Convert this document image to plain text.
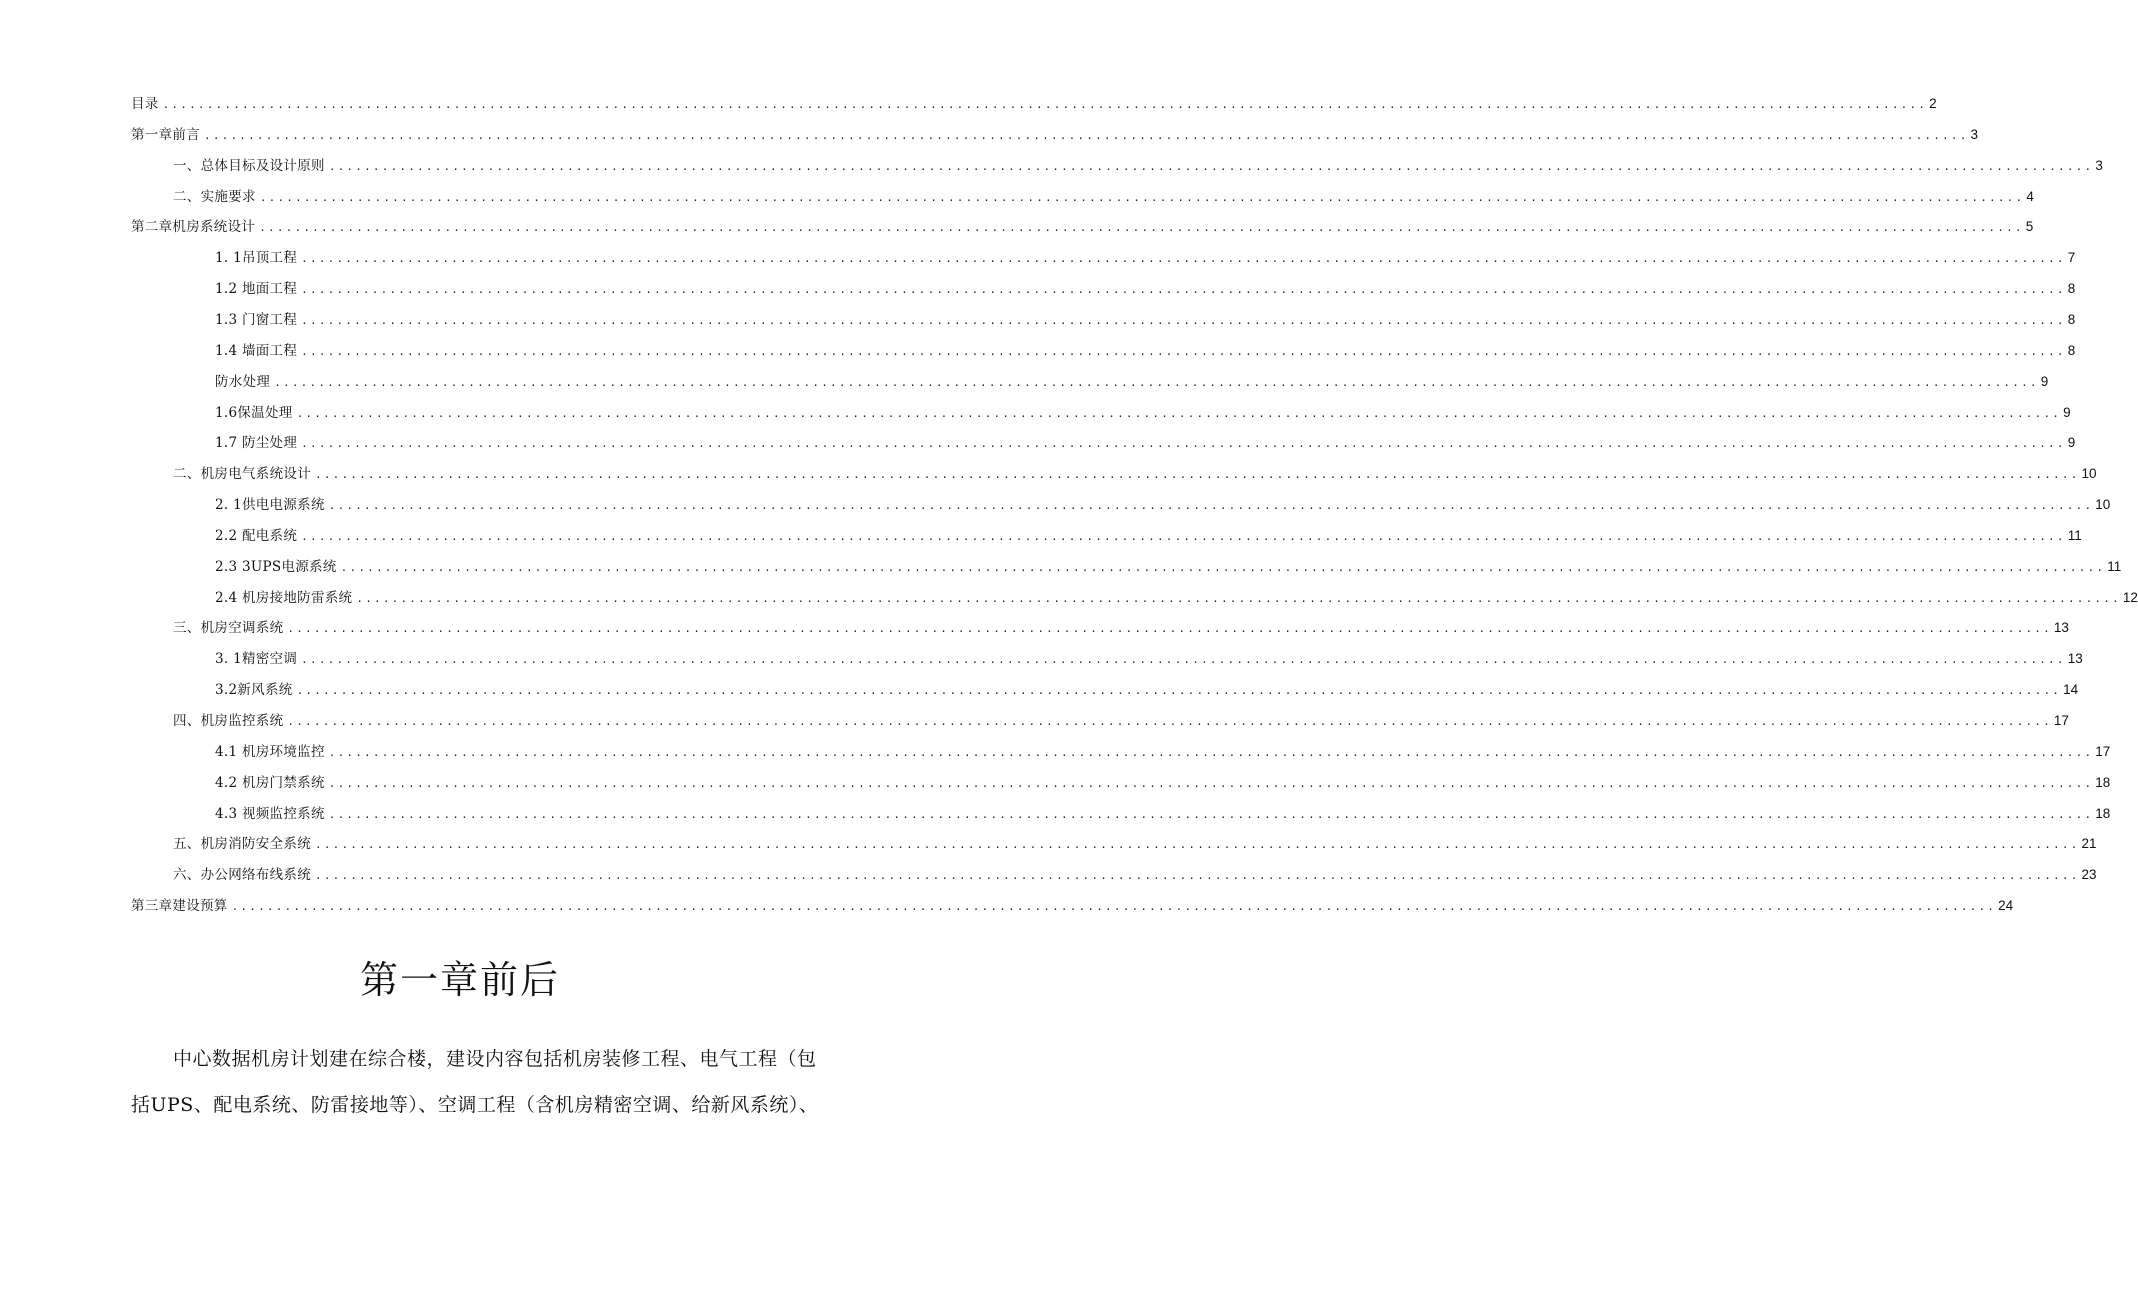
目录 ........................................................................................................................................................................................................ 2
第一章前言 ........................................................................................................................................................................................................ 3
一、总体目标及设计原则 ........................................................................................................................................................................................................ 3
二、实施要求 ........................................................................................................................................................................................................ 4
第二章机房系统设计 ........................................................................................................................................................................................................ 5
1. 1吊顶工程 ........................................................................................................................................................................................................ 7
1.2 地面工程 ........................................................................................................................................................................................................ 8
1.3 门窗工程 ........................................................................................................................................................................................................ 8
1.4 墙面工程 ........................................................................................................................................................................................................ 8
防水处理 ........................................................................................................................................................................................................ 9
1.6保温处理 ........................................................................................................................................................................................................ 9
1.7 防尘处理 ........................................................................................................................................................................................................ 9
二、机房电气系统设计 ........................................................................................................................................................................................................ 10
2. 1供电电源系统 ........................................................................................................................................................................................................ 10
2.2 配电系统 ........................................................................................................................................................................................................ 11
2.3 3UPS电源系统 ........................................................................................................................................................................................................ 11
2.4 机房接地防雷系统 ........................................................................................................................................................................................................ 12
三、机房空调系统 ........................................................................................................................................................................................................ 13
3. 1精密空调 ........................................................................................................................................................................................................ 13
3.2新风系统 ........................................................................................................................................................................................................ 14
四、机房监控系统 ........................................................................................................................................................................................................ 17
4.1 机房环境监控 ........................................................................................................................................................................................................ 17
4.2 机房门禁系统 ........................................................................................................................................................................................................ 18
4.3 视频监控系统 ........................................................................................................................................................................................................ 18
五、机房消防安全系统 ........................................................................................................................................................................................................ 21
六、办公网络布线系统 ........................................................................................................................................................................................................ 23
第三章建设预算 ........................................................................................................................................................................................................ 24
第一章前后
中心数据机房计划建在综合楼，建设内容包括机房装修工程、电气工程（包
括UPS、配电系统、防雷接地等）、空调工程（含机房精密空调、给新风系统）、
